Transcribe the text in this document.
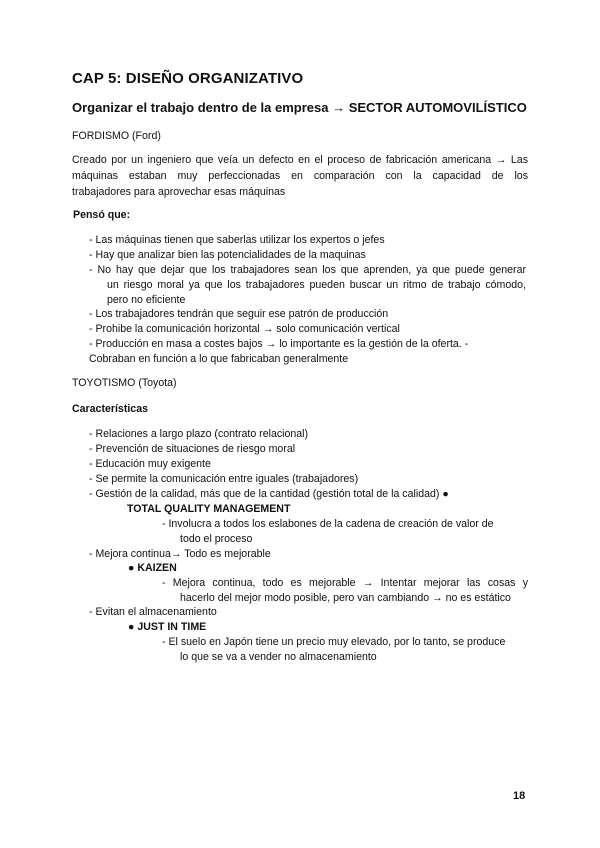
CAP 5: DISEÑO ORGANIZATIVO
Organizar el trabajo dentro de la empresa → SECTOR AUTOMOVILÍSTICO
FORDISMO (Ford)
Creado por un ingeniero que veía un defecto en el proceso de fabricación americana → Las
máquinas estaban muy perfeccionadas en comparación con la capacidad de los
trabajadores para aprovechar esas máquinas
Pensó que:
- Las máquinas tienen que saberlas utilizar los expertos o jefes
- Hay que analizar bien las potencialidades de la maquinas
- No hay que dejar que los trabajadores sean los que aprenden, ya que puede generar
un riesgo moral ya que los trabajadores pueden buscar un ritmo de trabajo cómodo,
pero no eficiente
- Los trabajadores tendrán que seguir ese patrón de producción
- Prohibe la comunicación horizontal → solo comunicación vertical
- Producción en masa a costes bajos → lo importante es la gestión de la oferta. -
Cobraban en función a lo que fabricaban generalmente
TOYOTISMO (Toyota)
Características
- Relaciones a largo plazo (contrato relacional)
- Prevención de situaciones de riesgo moral
- Educación muy exigente
- Se permite la comunicación entre iguales (trabajadores)
- Gestión de la calidad, más que de la cantidad (gestión total de la calidad) ●
TOTAL QUALITY MANAGEMENT
- Involucra a todos los eslabones de la cadena de creación de valor de
todo el proceso
- Mejora continua→ Todo es mejorable
● KAIZEN
- Mejora continua, todo es mejorable → Intentar mejorar las cosas y
hacerlo del mejor modo posible, pero van cambiando → no es estático
- Evitan el almacenamiento
● JUST IN TIME
- El suelo en Japón tiene un precio muy elevado, por lo tanto, se produce
lo que se va a vender no almacenamiento
18
